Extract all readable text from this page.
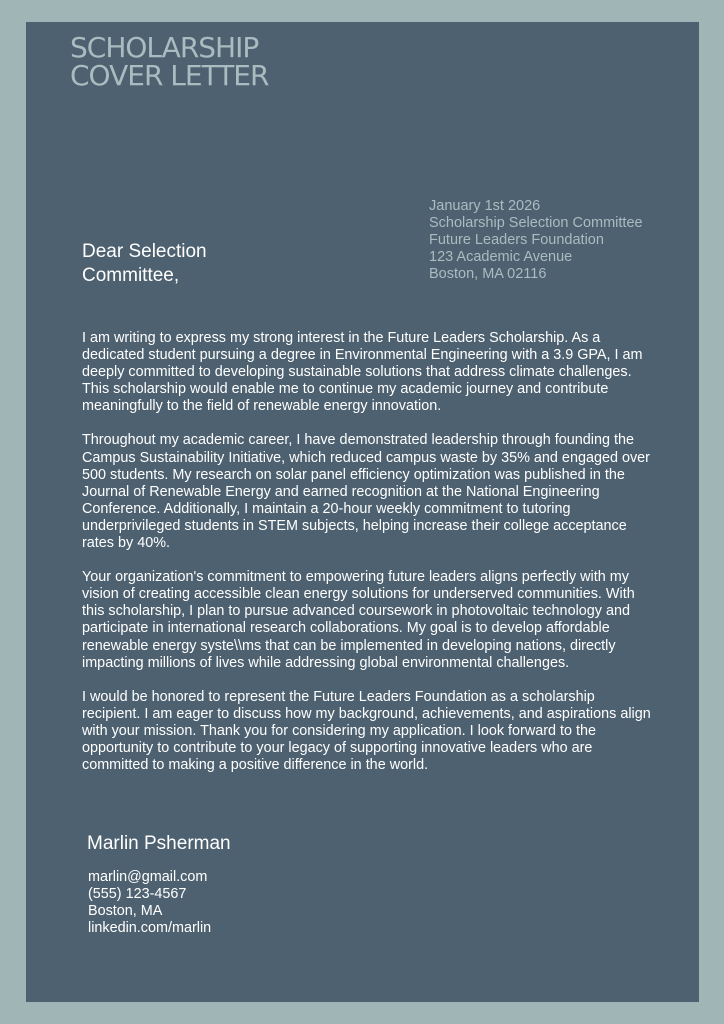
SCHOLARSHIP
COVER LETTER
January 1st 2026
Scholarship Selection Committee
Future Leaders Foundation
123 Academic Avenue
Boston, MA 02116
Dear Selection Committee,

I am writing to express my strong interest in the Future Leaders Scholarship. As a dedicated student pursuing a degree in Environmental Engineering with a 3.9 GPA, I am deeply committed to developing sustainable solutions that address climate challenges. This scholarship would enable me to continue my academic journey and contribute meaningfully to the field of renewable energy innovation.

Throughout my academic career, I have demonstrated leadership through founding the Campus Sustainability Initiative, which reduced campus waste by 35% and engaged over 500 students. My research on solar panel efficiency optimization was published in the Journal of Renewable Energy and earned recognition at the National Engineering Conference. Additionally, I maintain a 20-hour weekly commitment to tutoring underprivileged students in STEM subjects, helping increase their college acceptance rates by 40%.

Your organization's commitment to empowering future leaders aligns perfectly with my vision of creating accessible clean energy solutions for underserved communities. With this scholarship, I plan to pursue advanced coursework in photovoltaic technology and participate in international research collaborations. My goal is to develop affordable renewable energy syste\\ms that can be implemented in developing nations, directly impacting millions of lives while addressing global environmental challenges.

I would be honored to represent the Future Leaders Foundation as a scholarship recipient. I am eager to discuss how my background, achievements, and aspirations align with your mission. Thank you for considering my application. I look forward to the opportunity to contribute to your legacy of supporting innovative leaders who are committed to making a positive difference in the world.

Marlin Psherman
marlin@gmail.com
(555) 123-4567
Boston, MA
linkedin.com/marlin
